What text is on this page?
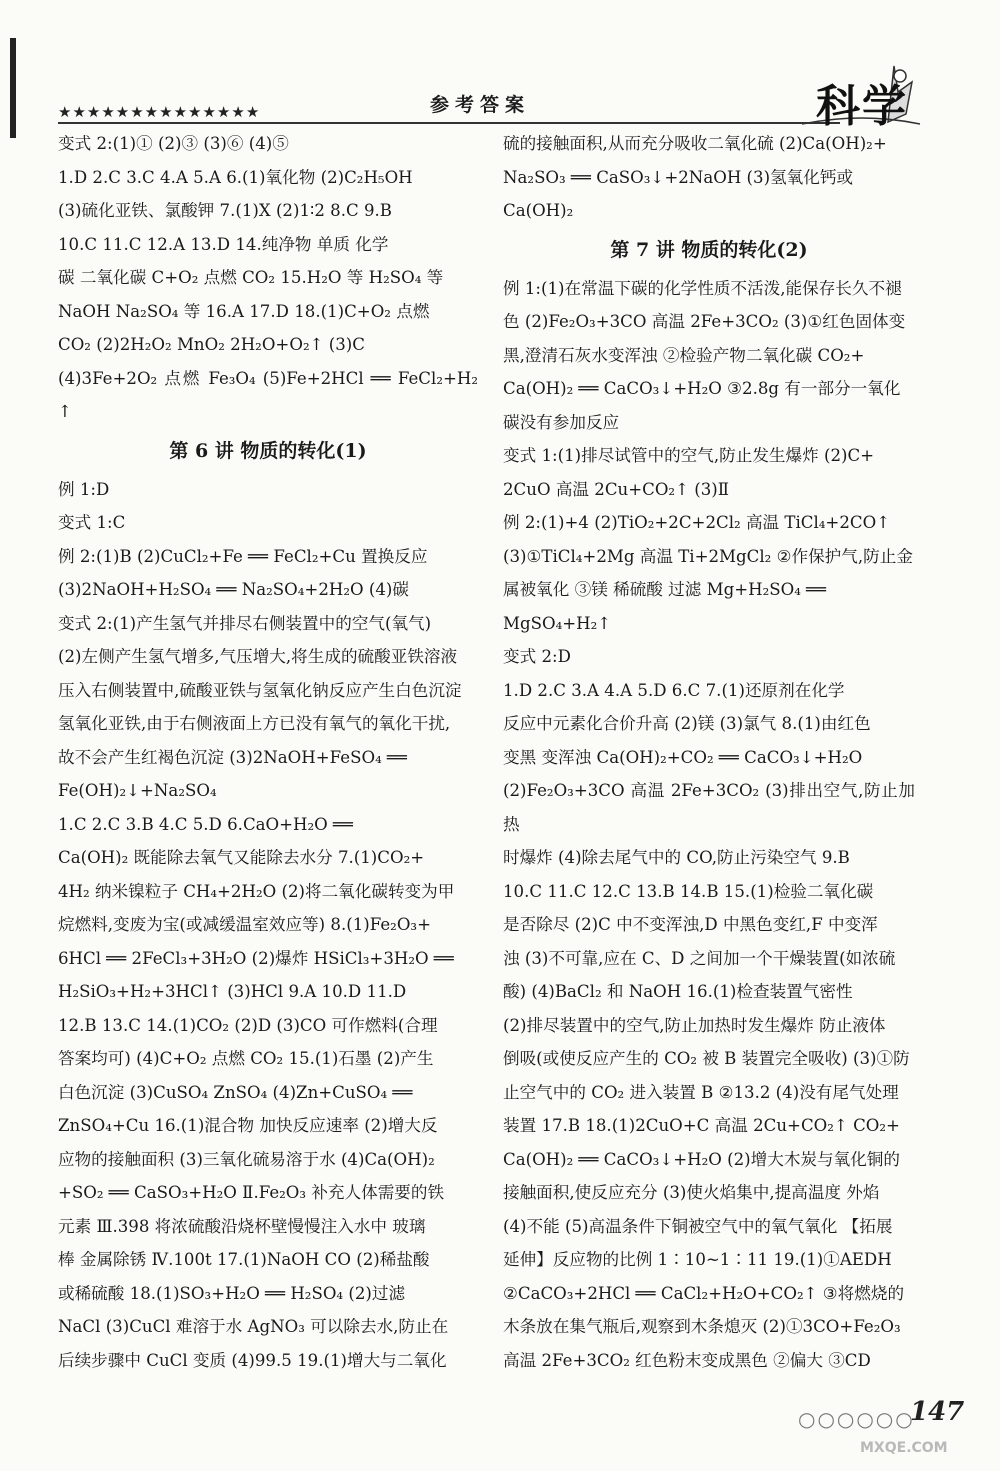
★★★★★★★★★★★★★★	参考答案	科学

变式 2:(1)① (2)③ (3)⑥ (4)⑤

1.D 2.C 3.C 4.A 5.A 6.(1)氧化物 (2)C₂H₅OH

(3)硫化亚铁、氯酸钾 7.(1)X (2)1∶2 8.C 9.B

10.C 11.C 12.A 13.D 14.纯净物 单质 化学

碳 二氧化碳 C+O₂ 点燃 CO₂ 15.H₂O 等 H₂SO₄ 等

NaOH Na₂SO₄ 等 16.A 17.D 18.(1)C+O₂ 点燃

CO₂ (2)2H₂O₂ MnO₂ 2H₂O+O₂↑ (3)C

(4)3Fe+2O₂ 点燃 Fe₃O₄ (5)Fe+2HCl ══ FeCl₂+H₂↑

第 6 讲 物质的转化(1)

例 1:D

变式 1:C

例 2:(1)B (2)CuCl₂+Fe ══ FeCl₂+Cu 置换反应

(3)2NaOH+H₂SO₄ ══ Na₂SO₄+2H₂O (4)碳

变式 2:(1)产生氢气并排尽右侧装置中的空气(氧气)

(2)左侧产生氢气增多,气压增大,将生成的硫酸亚铁溶液

压入右侧装置中,硫酸亚铁与氢氧化钠反应产生白色沉淀

氢氧化亚铁,由于右侧液面上方已没有氧气的氧化干扰,

故不会产生红褐色沉淀 (3)2NaOH+FeSO₄ ══

Fe(OH)₂↓+Na₂SO₄

1.C 2.C 3.B 4.C 5.D 6.CaO+H₂O ══

Ca(OH)₂ 既能除去氧气又能除去水分 7.(1)CO₂+

4H₂ 纳米镍粒子 CH₄+2H₂O (2)将二氧化碳转变为甲

烷燃料,变废为宝(或减缓温室效应等) 8.(1)Fe₂O₃+

6HCl ══ 2FeCl₃+3H₂O (2)爆炸 HSiCl₃+3H₂O ══

H₂SiO₃+H₂+3HCl↑ (3)HCl 9.A 10.D 11.D

12.B 13.C 14.(1)CO₂ (2)D (3)CO 可作燃料(合理

答案均可) (4)C+O₂ 点燃 CO₂ 15.(1)石墨 (2)产生

白色沉淀 (3)CuSO₄ ZnSO₄ (4)Zn+CuSO₄ ══

ZnSO₄+Cu 16.(1)混合物 加快反应速率 (2)增大反

应物的接触面积 (3)三氧化硫易溶于水 (4)Ca(OH)₂

+SO₂ ══ CaSO₃+H₂O Ⅱ.Fe₂O₃ 补充人体需要的铁

元素 Ⅲ.398 将浓硫酸沿烧杯壁慢慢注入水中 玻璃

棒 金属除锈 Ⅳ.100t 17.(1)NaOH CO (2)稀盐酸

或稀硫酸 18.(1)SO₃+H₂O ══ H₂SO₄ (2)过滤

NaCl (3)CuCl 难溶于水 AgNO₃ 可以除去水,防止在

后续步骤中 CuCl 变质 (4)99.5 19.(1)增大与二氧化

硫的接触面积,从而充分吸收二氧化硫 (2)Ca(OH)₂+

Na₂SO₃ ══ CaSO₃↓+2NaOH (3)氢氧化钙或

Ca(OH)₂

第 7 讲 物质的转化(2)

例 1:(1)在常温下碳的化学性质不活泼,能保存长久不褪

色 (2)Fe₂O₃+3CO 高温 2Fe+3CO₂ (3)①红色固体变

黑,澄清石灰水变浑浊 ②检验产物二氧化碳 CO₂+

Ca(OH)₂ ══ CaCO₃↓+H₂O ③2.8g 有一部分一氧化

碳没有参加反应

变式 1:(1)排尽试管中的空气,防止发生爆炸 (2)C+

2CuO 高温 2Cu+CO₂↑ (3)Ⅱ

例 2:(1)+4 (2)TiO₂+2C+2Cl₂ 高温 TiCl₄+2CO↑

(3)①TiCl₄+2Mg 高温 Ti+2MgCl₂ ②作保护气,防止金

属被氧化 ③镁 稀硫酸 过滤 Mg+H₂SO₄ ══

MgSO₄+H₂↑

变式 2:D

1.D 2.C 3.A 4.A 5.D 6.C 7.(1)还原剂在化学

反应中元素化合价升高 (2)镁 (3)氯气 8.(1)由红色

变黑 变浑浊 Ca(OH)₂+CO₂ ══ CaCO₃↓+H₂O

(2)Fe₂O₃+3CO 高温 2Fe+3CO₂ (3)排出空气,防止加热

时爆炸 (4)除去尾气中的 CO,防止污染空气 9.B

10.C 11.C 12.C 13.B 14.B 15.(1)检验二氧化碳

是否除尽 (2)C 中不变浑浊,D 中黑色变红,F 中变浑

浊 (3)不可靠,应在 C、D 之间加一个干燥装置(如浓硫

酸) (4)BaCl₂ 和 NaOH 16.(1)检查装置气密性

(2)排尽装置中的空气,防止加热时发生爆炸 防止液体

倒吸(或使反应产生的 CO₂ 被 B 装置完全吸收) (3)①防

止空气中的 CO₂ 进入装置 B ②13.2 (4)没有尾气处理

装置 17.B 18.(1)2CuO+C 高温 2Cu+CO₂↑ CO₂+

Ca(OH)₂ ══ CaCO₃↓+H₂O (2)增大木炭与氧化铜的

接触面积,使反应充分 (3)使火焰集中,提高温度 外焰

(4)不能 (5)高温条件下铜被空气中的氧气氧化 【拓展

延伸】反应物的比例 1∶10~1∶11 19.(1)①AEDH

②CaCO₃+2HCl ══ CaCl₂+H₂O+CO₂↑ ③将燃烧的

木条放在集气瓶后,观察到木条熄灭 (2)①3CO+Fe₂O₃

高温 2Fe+3CO₂ 红色粉末变成黑色 ②偏大 ③CD

○○○○○○
147
MXQE.COM
